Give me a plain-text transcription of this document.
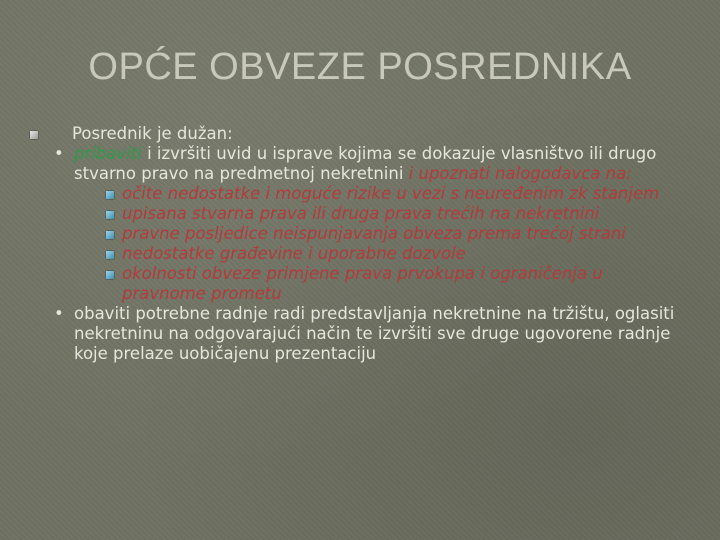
OPĆE OBVEZE POSREDNIKA
Posrednik je dužan:
• pribaviti i izvršiti uvid u isprave kojima se dokazuje vlasništvo ili drugo stvarno pravo na predmetnoj nekretnini i upoznati nalogodavca na:
očite nedostatke i moguće rizike u vezi s neuređenim zk stanjem
upisana stvarna prava ili druga prava trećih na nekretnini
pravne posljedice neispunjavanja obveza prema trećoj strani
nedostatke građevine i uporabne dozvole
okolnosti obveze primjene prava prvokupa i ograničenja u pravnome prometu
• obaviti potrebne radnje radi predstavljanja nekretnine na tržištu, oglasiti nekretninu na odgovarajući način te izvršiti sve druge ugovorene radnje koje prelaze uobičajenu prezentaciju
